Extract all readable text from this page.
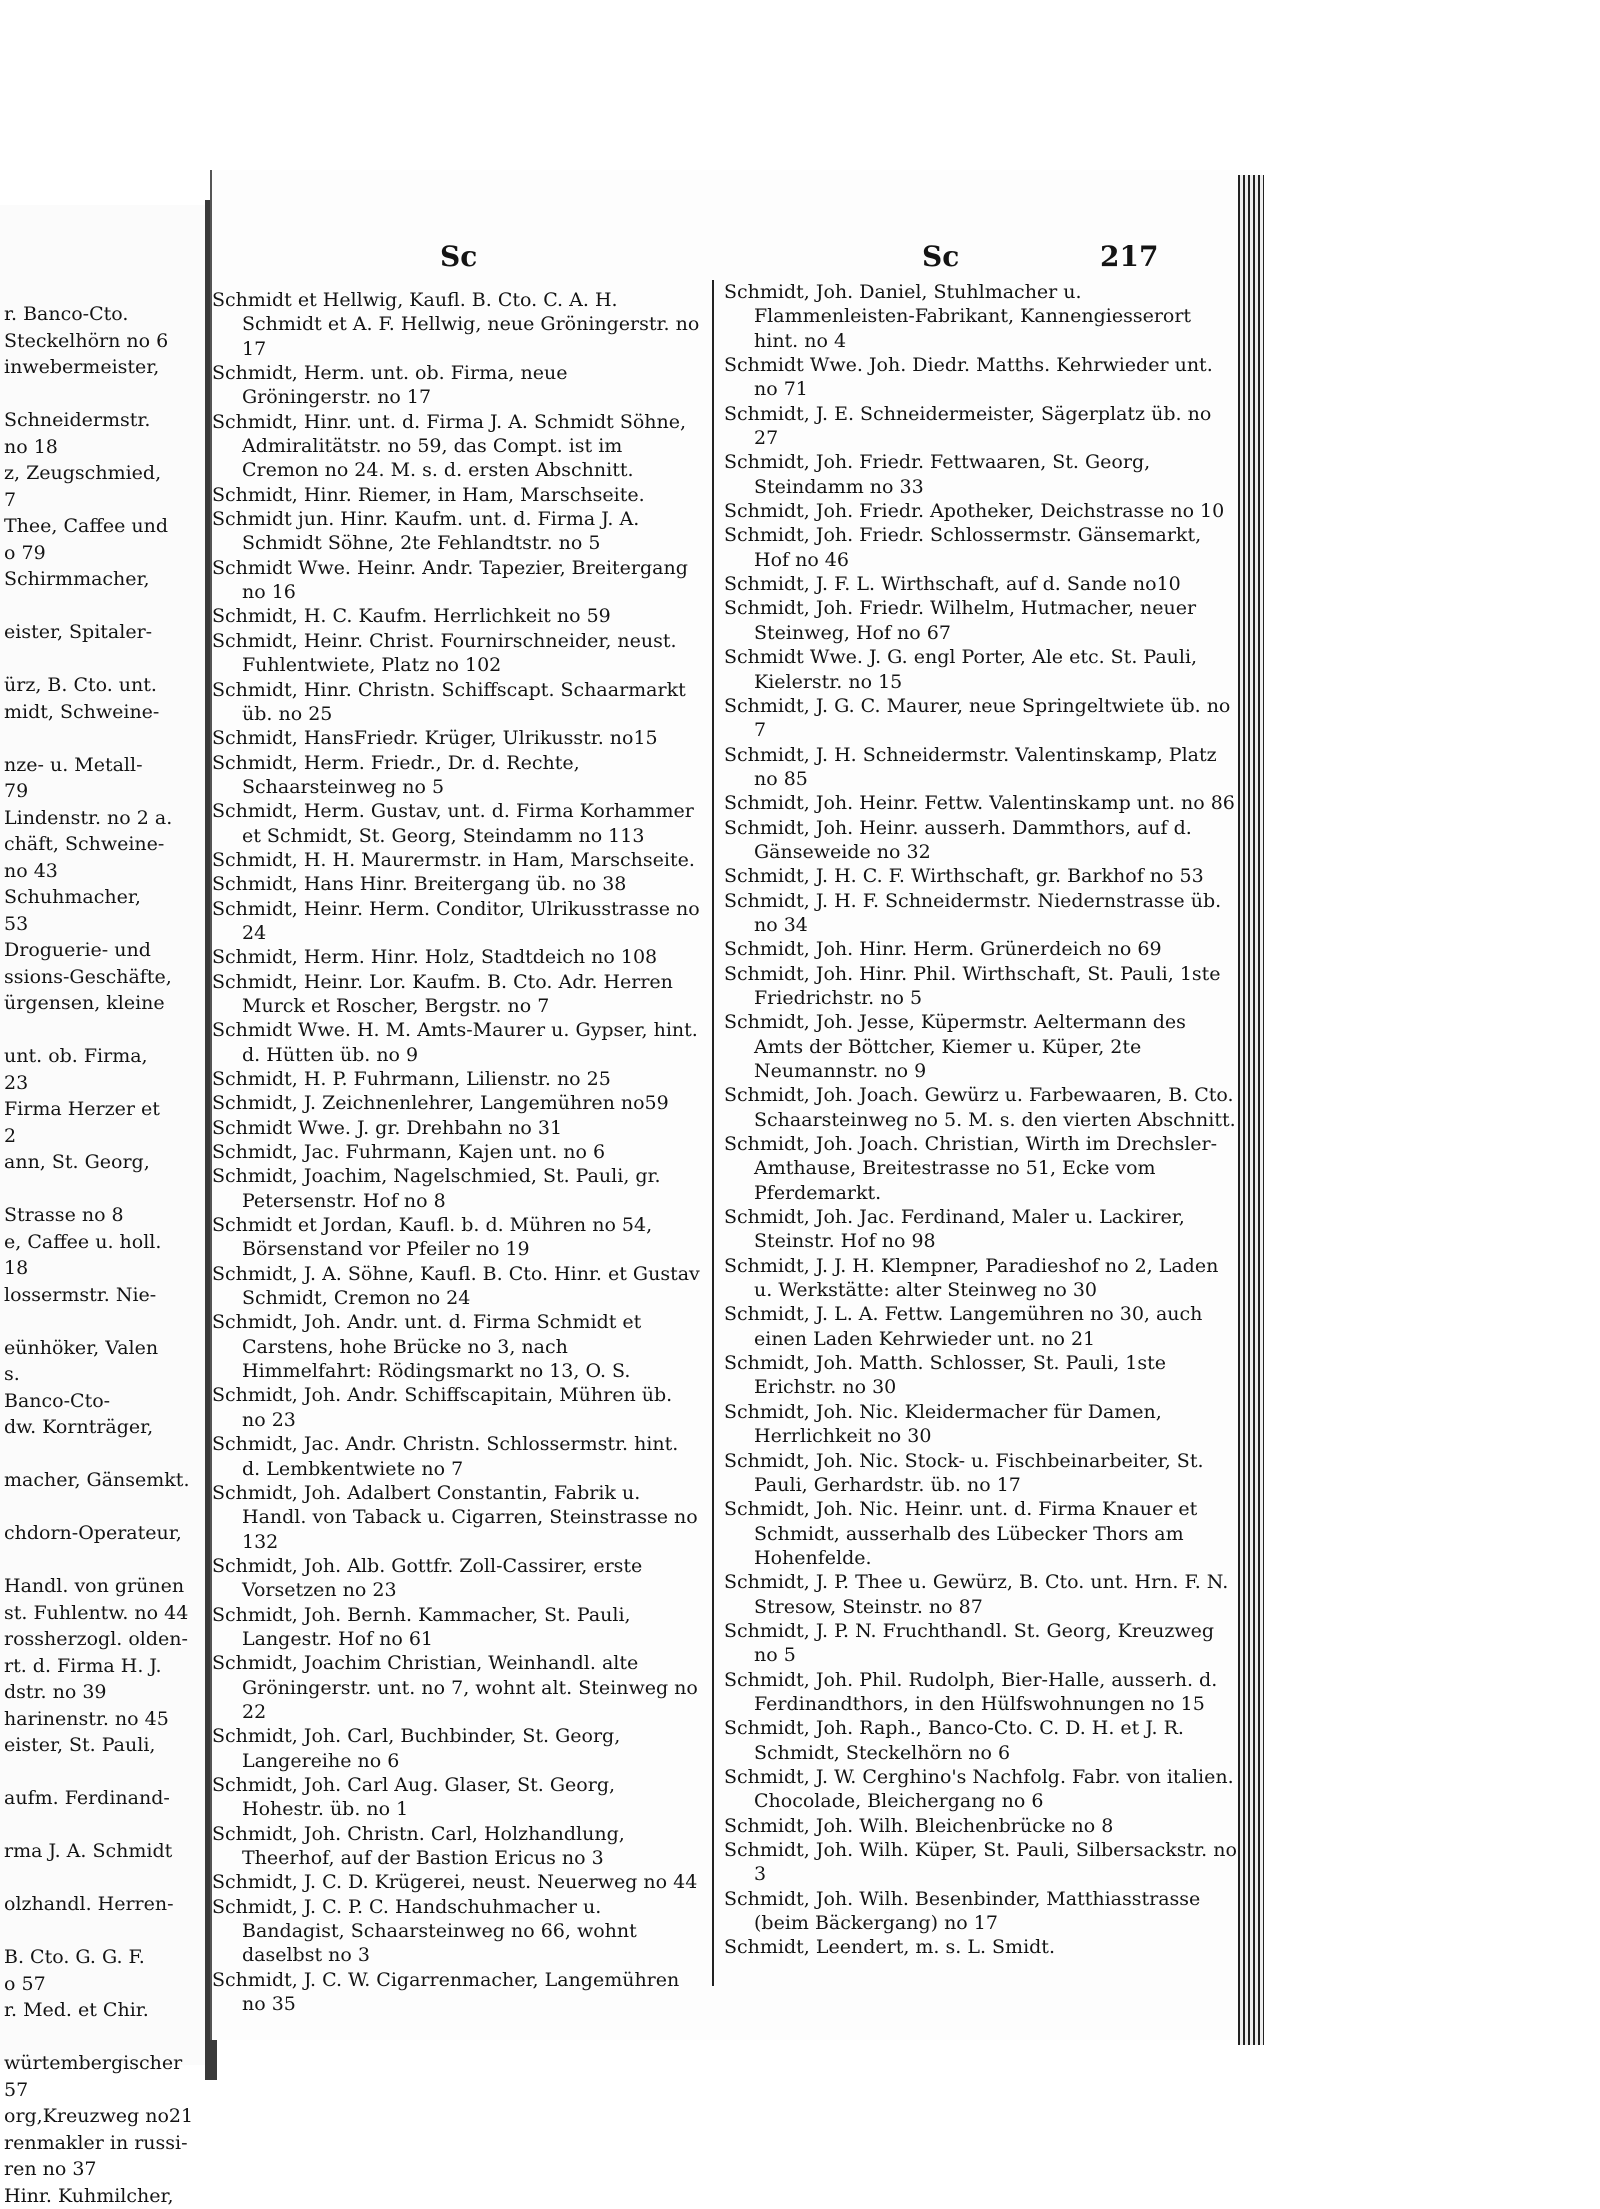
r. Banco-Cto.
Steckelhörn no 6
inwebermeister,

Schneidermstr.
no 18
z, Zeugschmied,
7
Thee, Caffee und
o 79
Schirmmacher,

eister, Spitaler-

ürz, B. Cto. unt.
midt, Schweine-

nze- u. Metall-
79
Lindenstr. no 2 a.
chäft, Schweine-
no 43
Schuhmacher,
53
Droguerie- und
ssions-Geschäfte,
ürgensen, kleine

unt. ob. Firma,
23
Firma Herzer et
2
ann, St. Georg,

Strasse no 8
e, Caffee u. holl.
18
lossermstr. Nie-

eünhöker, Valen
s.
Banco-Cto-
dw. Kornträger,

macher, Gänsemkt.

chdorn-Operateur,

Handl. von grünen
st. Fuhlentw. no 44
rossherzogl. olden-
rt. d. Firma H. J.
dstr. no 39
harinenstr. no 45
eister, St. Pauli,

aufm. Ferdinand-

rma J. A. Schmidt

olzhandl. Herren-

B. Cto. G. G. F.
o 57
r. Med. et Chir.

würtembergischer
57
org,Kreuzweg no21
renmakler in russi-
ren no 37
Hinr. Kuhmilcher,
Sc	Sc	217
Schmidt et Hellwig, Kaufl. B. Cto. C. A. H. Schmidt et A. F. Hellwig, neue Gröningerstr. no 17
Schmidt, Herm. unt. ob. Firma, neue Gröningerstr. no 17
Schmidt, Hinr. unt. d. Firma J. A. Schmidt Söhne, Admiralitätstr. no 59, das Compt. ist im Cremon no 24. M. s. d. ersten Abschnitt.
Schmidt, Hinr. Riemer, in Ham, Marschseite.
Schmidt jun. Hinr. Kaufm. unt. d. Firma J. A. Schmidt Söhne, 2te Fehlandtstr. no 5
Schmidt Wwe. Heinr. Andr. Tapezier, Breitergang no 16
Schmidt, H. C. Kaufm. Herrlichkeit no 59
Schmidt, Heinr. Christ. Fournirschneider, neust. Fuhlentwiete, Platz no 102
Schmidt, Hinr. Christn. Schiffscapt. Schaarmarkt üb. no 25
Schmidt, HansFriedr. Krüger, Ulrikusstr. no15
Schmidt, Herm. Friedr., Dr. d. Rechte, Schaarsteinweg no 5
Schmidt, Herm. Gustav, unt. d. Firma Korhammer et Schmidt, St. Georg, Steindamm no 113
Schmidt, H. H. Maurermstr. in Ham, Marschseite.
Schmidt, Hans Hinr. Breitergang üb. no 38
Schmidt, Heinr. Herm. Conditor, Ulrikusstrasse no 24
Schmidt, Herm. Hinr. Holz, Stadtdeich no 108
Schmidt, Heinr. Lor. Kaufm. B. Cto. Adr. Herren Murck et Roscher, Bergstr. no 7
Schmidt Wwe. H. M. Amts-Maurer u. Gypser, hint. d. Hütten üb. no 9
Schmidt, H. P. Fuhrmann, Lilienstr. no 25
Schmidt, J. Zeichnenlehrer, Langemühren no59
Schmidt Wwe. J. gr. Drehbahn no 31
Schmidt, Jac. Fuhrmann, Kajen unt. no 6
Schmidt, Joachim, Nagelschmied, St. Pauli, gr. Petersenstr. Hof no 8
Schmidt et Jordan, Kaufl. b. d. Mühren no 54, Börsenstand vor Pfeiler no 19
Schmidt, J. A. Söhne, Kaufl. B. Cto. Hinr. et Gustav Schmidt, Cremon no 24
Schmidt, Joh. Andr. unt. d. Firma Schmidt et Carstens, hohe Brücke no 3, nach Himmelfahrt: Rödingsmarkt no 13, O. S.
Schmidt, Joh. Andr. Schiffscapitain, Mühren üb. no 23
Schmidt, Jac. Andr. Christn. Schlossermstr. hint. d. Lembkentwiete no 7
Schmidt, Joh. Adalbert Constantin, Fabrik u. Handl. von Taback u. Cigarren, Steinstrasse no 132
Schmidt, Joh. Alb. Gottfr. Zoll-Cassirer, erste Vorsetzen no 23
Schmidt, Joh. Bernh. Kammacher, St. Pauli, Langestr. Hof no 61
Schmidt, Joachim Christian, Weinhandl. alte Gröningerstr. unt. no 7, wohnt alt. Steinweg no 22
Schmidt, Joh. Carl, Buchbinder, St. Georg, Langereihe no 6
Schmidt, Joh. Carl Aug. Glaser, St. Georg, Hohestr. üb. no 1
Schmidt, Joh. Christn. Carl, Holzhandlung, Theerhof, auf der Bastion Ericus no 3
Schmidt, J. C. D. Krügerei, neust. Neuerweg no 44
Schmidt, J. C. P. C. Handschuhmacher u. Bandagist, Schaarsteinweg no 66, wohnt daselbst no 3
Schmidt, J. C. W. Cigarrenmacher, Langemühren no 35
Schmidt, Joh. Daniel, Stuhlmacher u. Flammenleisten-Fabrikant, Kannengiesserort hint. no 4
Schmidt Wwe. Joh. Diedr. Matths. Kehrwieder unt. no 71
Schmidt, J. E. Schneidermeister, Sägerplatz üb. no 27
Schmidt, Joh. Friedr. Fettwaaren, St. Georg, Steindamm no 33
Schmidt, Joh. Friedr. Apotheker, Deichstrasse no 10
Schmidt, Joh. Friedr. Schlossermstr. Gänsemarkt, Hof no 46
Schmidt, J. F. L. Wirthschaft, auf d. Sande no10
Schmidt, Joh. Friedr. Wilhelm, Hutmacher, neuer Steinweg, Hof no 67
Schmidt Wwe. J. G. engl Porter, Ale etc. St. Pauli, Kielerstr. no 15
Schmidt, J. G. C. Maurer, neue Springeltwiete üb. no 7
Schmidt, J. H. Schneidermstr. Valentinskamp, Platz no 85
Schmidt, Joh. Heinr. Fettw. Valentinskamp unt. no 86
Schmidt, Joh. Heinr. ausserh. Dammthors, auf d. Gänseweide no 32
Schmidt, J. H. C. F. Wirthschaft, gr. Barkhof no 53
Schmidt, J. H. F. Schneidermstr. Niedernstrasse üb. no 34
Schmidt, Joh. Hinr. Herm. Grünerdeich no 69
Schmidt, Joh. Hinr. Phil. Wirthschaft, St. Pauli, 1ste Friedrichstr. no 5
Schmidt, Joh. Jesse, Küpermstr. Aeltermann des Amts der Böttcher, Kiemer u. Küper, 2te Neumannstr. no 9
Schmidt, Joh. Joach. Gewürz u. Farbewaaren, B. Cto. Schaarsteinweg no 5. M. s. den vierten Abschnitt.
Schmidt, Joh. Joach. Christian, Wirth im Drechsler-Amthause, Breitestrasse no 51, Ecke vom Pferdemarkt.
Schmidt, Joh. Jac. Ferdinand, Maler u. Lackirer, Steinstr. Hof no 98
Schmidt, J. J. H. Klempner, Paradieshof no 2, Laden u. Werkstätte: alter Steinweg no 30
Schmidt, J. L. A. Fettw. Langemühren no 30, auch einen Laden Kehrwieder unt. no 21
Schmidt, Joh. Matth. Schlosser, St. Pauli, 1ste Erichstr. no 30
Schmidt, Joh. Nic. Kleidermacher für Damen, Herrlichkeit no 30
Schmidt, Joh. Nic. Stock- u. Fischbeinarbeiter, St. Pauli, Gerhardstr. üb. no 17
Schmidt, Joh. Nic. Heinr. unt. d. Firma Knauer et Schmidt, ausserhalb des Lübecker Thors am Hohenfelde.
Schmidt, J. P. Thee u. Gewürz, B. Cto. unt. Hrn. F. N. Stresow, Steinstr. no 87
Schmidt, J. P. N. Fruchthandl. St. Georg, Kreuzweg no 5
Schmidt, Joh. Phil. Rudolph, Bier-Halle, ausserh. d. Ferdinandthors, in den Hülfswohnungen no 15
Schmidt, Joh. Raph., Banco-Cto. C. D. H. et J. R. Schmidt, Steckelhörn no 6
Schmidt, J. W. Cerghino's Nachfolg. Fabr. von italien. Chocolade, Bleichergang no 6
Schmidt, Joh. Wilh. Bleichenbrücke no 8
Schmidt, Joh. Wilh. Küper, St. Pauli, Silbersackstr. no 3
Schmidt, Joh. Wilh. Besenbinder, Matthiasstrasse (beim Bäckergang) no 17
Schmidt, Leendert, m. s. L. Smidt.
